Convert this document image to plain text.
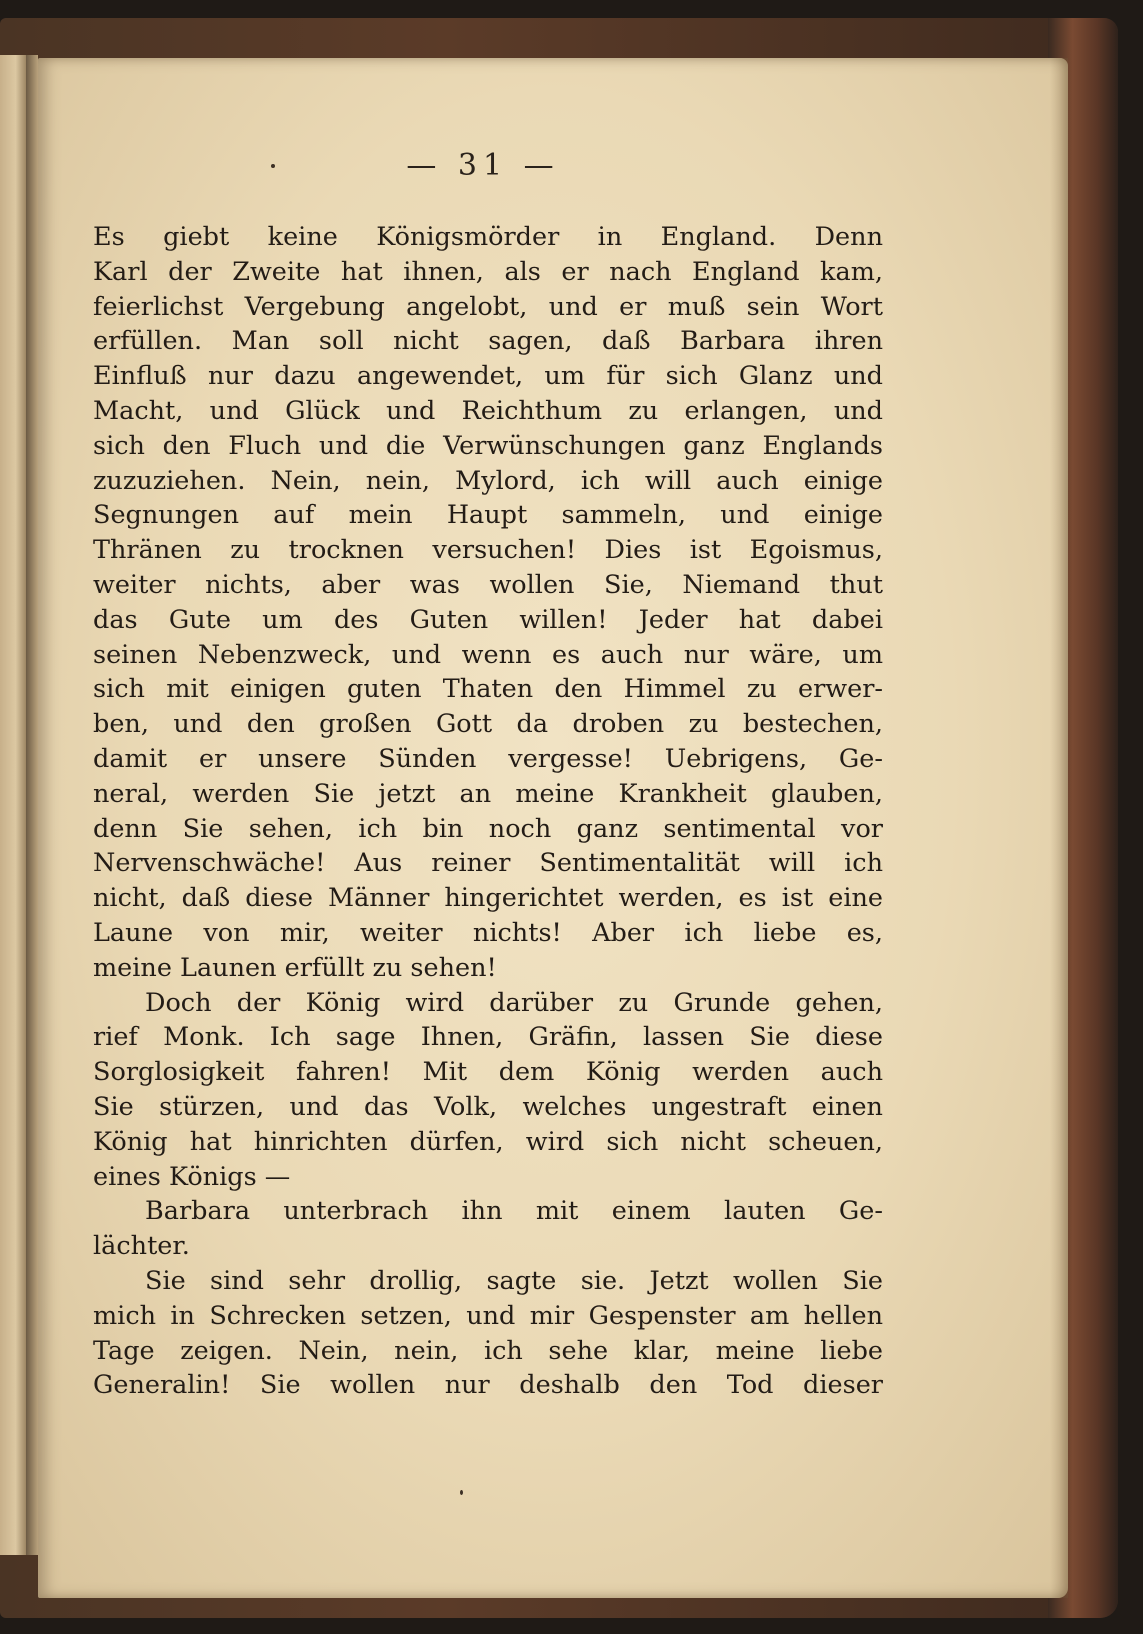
— 31 —
Es giebt keine Königsmörder in England. Denn
Karl der Zweite hat ihnen, als er nach England kam,
feierlichst Vergebung angelobt, und er muß sein Wort
erfüllen. Man soll nicht sagen, daß Barbara ihren
Einfluß nur dazu angewendet, um für sich Glanz und
Macht, und Glück und Reichthum zu erlangen, und
sich den Fluch und die Verwünschungen ganz Englands
zuzuziehen. Nein, nein, Mylord, ich will auch einige
Segnungen auf mein Haupt sammeln, und einige
Thränen zu trocknen versuchen! Dies ist Egoismus,
weiter nichts, aber was wollen Sie, Niemand thut
das Gute um des Guten willen! Jeder hat dabei
seinen Nebenzweck, und wenn es auch nur wäre, um
sich mit einigen guten Thaten den Himmel zu erwer-
ben, und den großen Gott da droben zu bestechen,
damit er unsere Sünden vergesse! Uebrigens, Ge-
neral, werden Sie jetzt an meine Krankheit glauben,
denn Sie sehen, ich bin noch ganz sentimental vor
Nervenschwäche! Aus reiner Sentimentalität will ich
nicht, daß diese Männer hingerichtet werden, es ist eine
Laune von mir, weiter nichts! Aber ich liebe es,
meine Launen erfüllt zu sehen!
Doch der König wird darüber zu Grunde gehen,
rief Monk. Ich sage Ihnen, Gräfin, lassen Sie diese
Sorglosigkeit fahren! Mit dem König werden auch
Sie stürzen, und das Volk, welches ungestraft einen
König hat hinrichten dürfen, wird sich nicht scheuen,
eines Königs —
Barbara unterbrach ihn mit einem lauten Ge-
lächter.
Sie sind sehr drollig, sagte sie. Jetzt wollen Sie
mich in Schrecken setzen, und mir Gespenster am hellen
Tage zeigen. Nein, nein, ich sehe klar, meine liebe
Generalin! Sie wollen nur deshalb den Tod dieser
